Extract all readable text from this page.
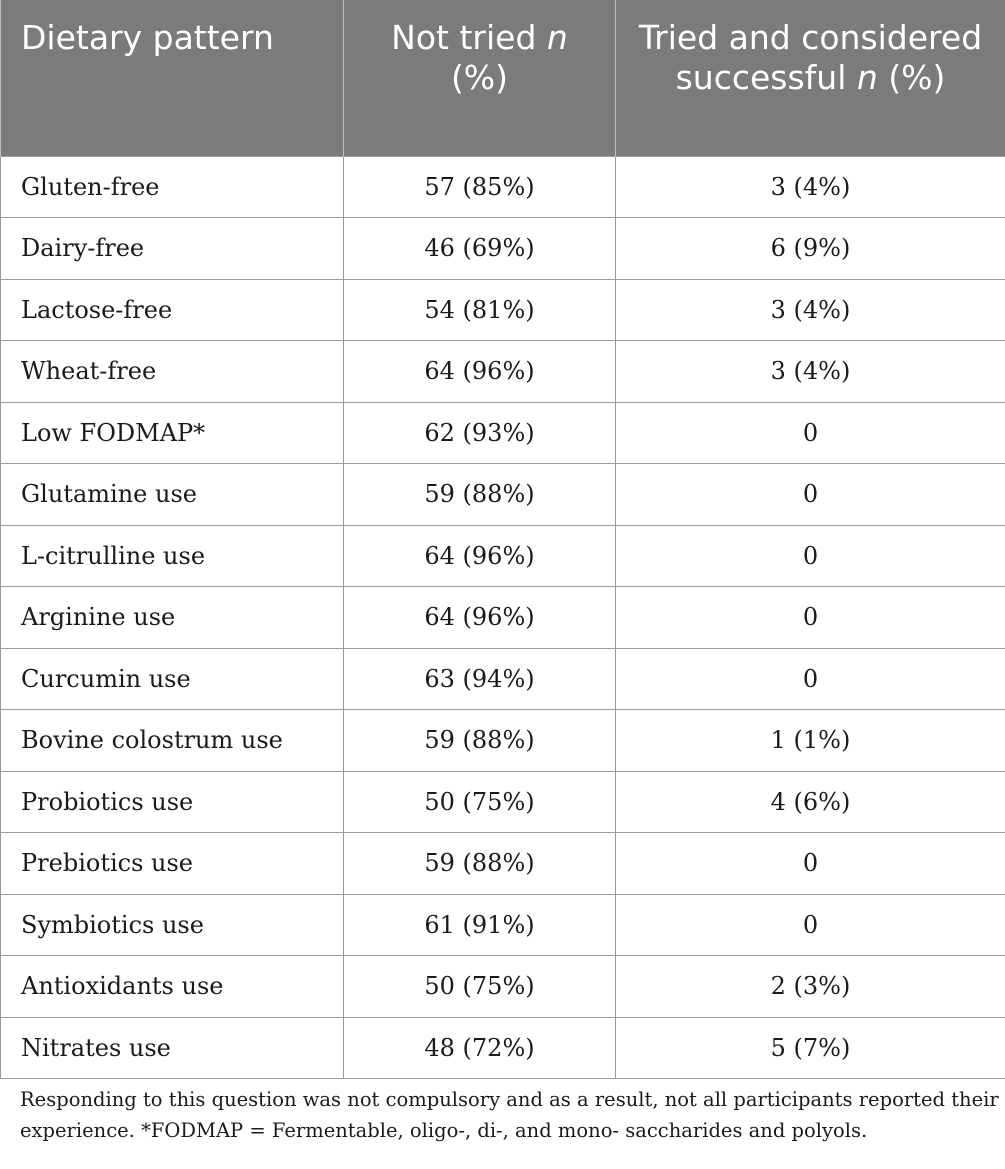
Dietary pattern	Not tried n (%)	Tried and considered successful n (%)
Gluten-free	57 (85%)	3 (4%)
Dairy-free	46 (69%)	6 (9%)
Lactose-free	54 (81%)	3 (4%)
Wheat-free	64 (96%)	3 (4%)
Low FODMAP*	62 (93%)	0
Glutamine use	59 (88%)	0
L-citrulline use	64 (96%)	0
Arginine use	64 (96%)	0
Curcumin use	63 (94%)	0
Bovine colostrum use	59 (88%)	1 (1%)
Probiotics use	50 (75%)	4 (6%)
Prebiotics use	59 (88%)	0
Symbiotics use	61 (91%)	0
Antioxidants use	50 (75%)	2 (3%)
Nitrates use	48 (72%)	5 (7%)
Responding to this question was not compulsory and as a result, not all participants reported their experience. *FODMAP = Fermentable, oligo-, di-, and mono- saccharides and polyols.
